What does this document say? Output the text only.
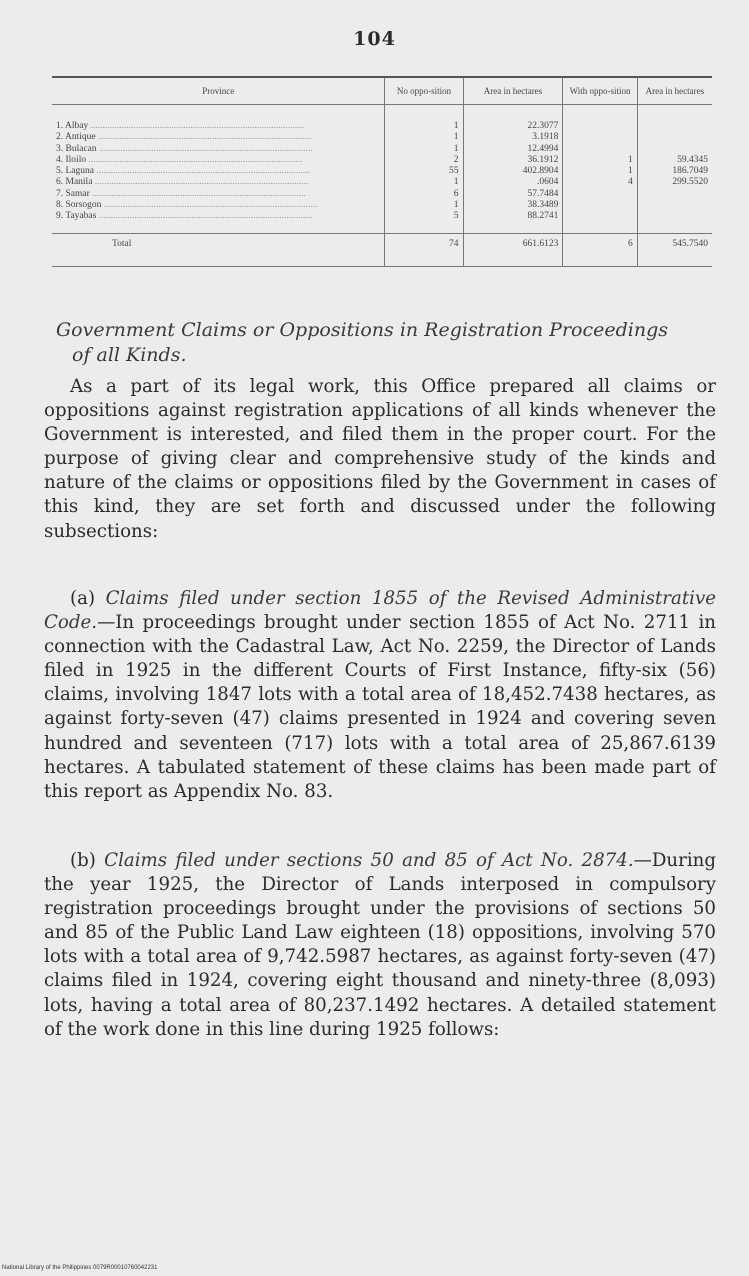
104
Province	No oppo-sition	Area in hectares	With oppo-sition	Area in hectares
1. Albay ..........................................................................................	1	22.3077		
2. Antique ..........................................................................................	1	3.1918		
3. Bulacan ..........................................................................................	1	12.4994		
4. Iloilo ..........................................................................................	2	36.1912	1	59.4345
5. Laguna ..........................................................................................	55	402.8904	1	186.7049
6. Manila ..........................................................................................	1	.0604	4	299.5520
7. Samar ..........................................................................................	6	57.7484		
8. Sorsogon ..........................................................................................	1	38.3489		
9. Tayabas ..........................................................................................	5	88.2741		
Total	74	661.6123	6	545.7540
Government Claims or Oppositions in Registration Proceedings
of all Kinds.

As a part of its legal work, this Office prepared all claims or oppositions against registration applications of all kinds whenever the Government is interested, and filed them in the proper court. For the purpose of giving clear and comprehensive study of the kinds and nature of the claims or oppositions filed by the Government in cases of this kind, they are set forth and discussed under the following subsections:

(a) Claims filed under section 1855 of the Revised Administrative Code.—In proceedings brought under section 1855 of Act No. 2711 in connection with the Cadastral Law, Act No. 2259, the Director of Lands filed in 1925 in the different Courts of First Instance, fifty-six (56) claims, involving 1847 lots with a total area of 18,452.7438 hectares, as against forty-seven (47) claims presented in 1924 and covering seven hundred and seventeen (717) lots with a total area of 25,867.6139 hectares. A tabulated statement of these claims has been made part of this report as Appendix No. 83.

(b) Claims filed under sections 50 and 85 of Act No. 2874.—During the year 1925, the Director of Lands interposed in compulsory registration proceedings brought under the provisions of sections 50 and 85 of the Public Land Law eighteen (18) oppositions, involving 570 lots with a total area of 9,742.5987 hectares, as against forty-seven (47) claims filed in 1924, covering eight thousand and ninety-three (8,093) lots, having a total area of 80,237.1492 hectares. A detailed statement of the work done in this line during 1925 follows:

National Library of the Philippines 0079R00010760042231
